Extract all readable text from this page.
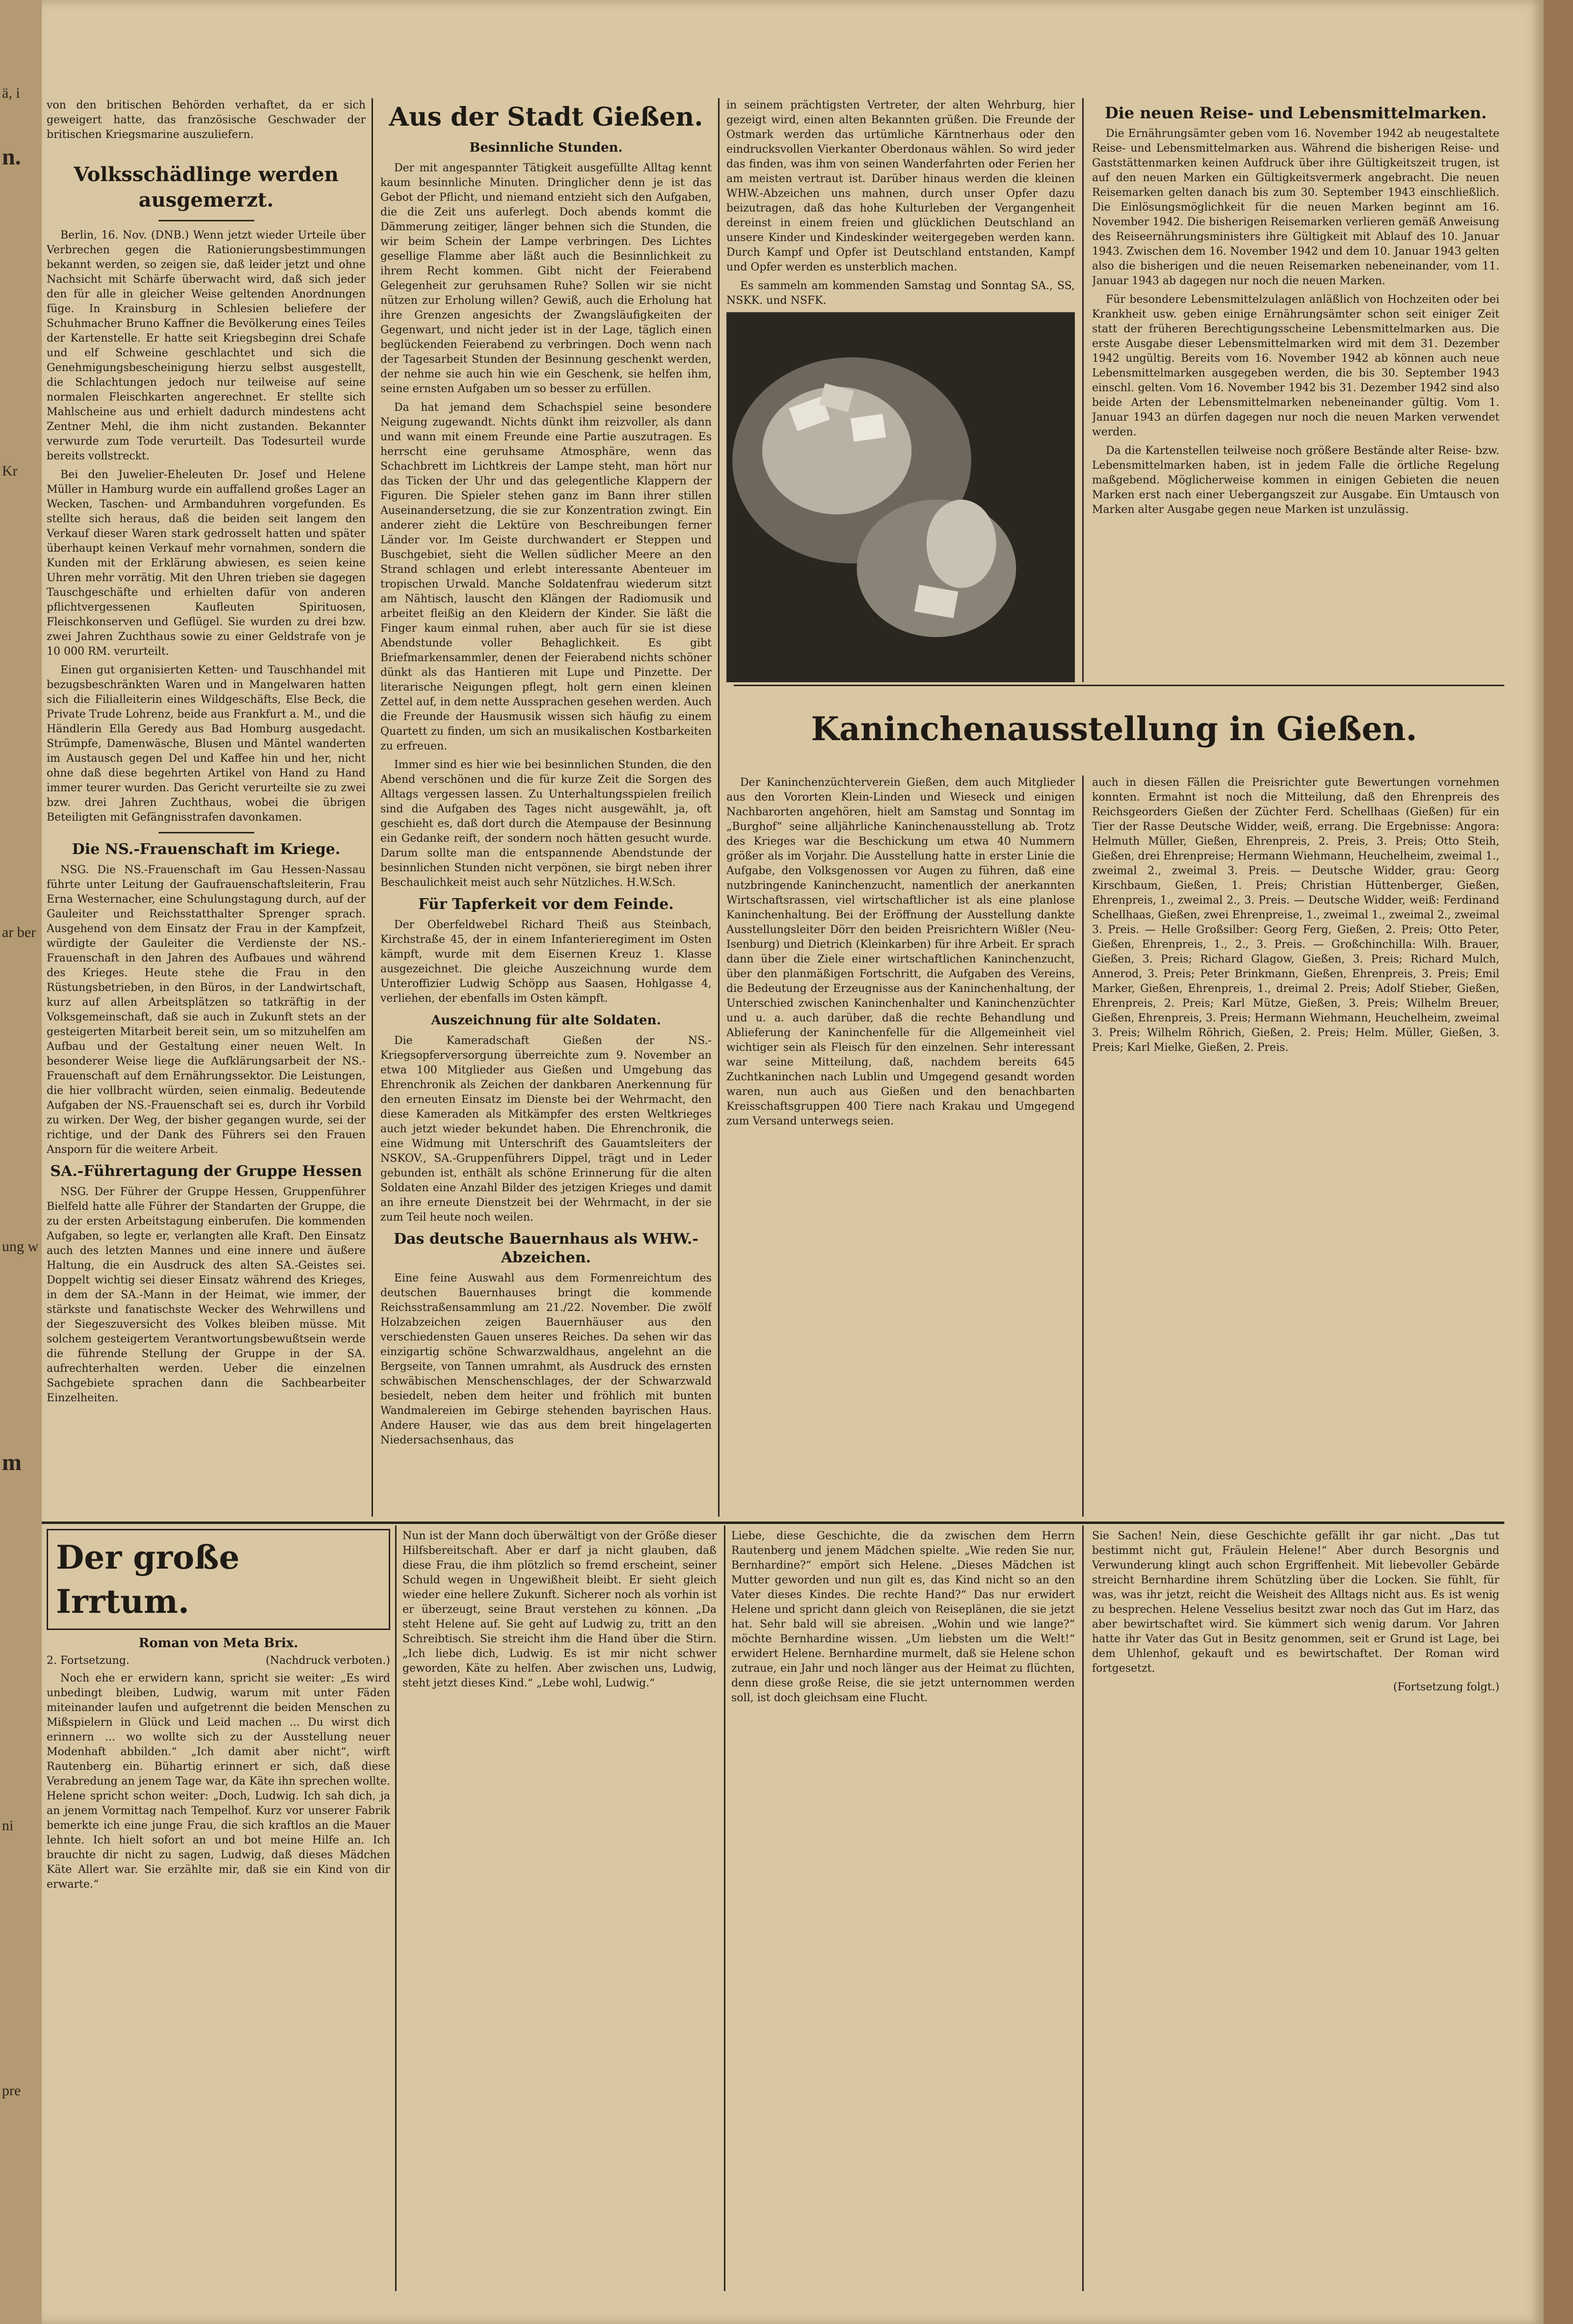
ä, i
n.
Kr
ar ber
ung w
m
ni
pre

von den britischen Behörden verhaftet, da er sich geweigert hatte, das französische Geschwader der britischen Kriegsmarine auszuliefern.

Volksschädlinge werden ausgemerzt.

Berlin, 16. Nov. (DNB.) Wenn jetzt wieder Urteile über Verbrechen gegen die Rationierungsbestimmungen bekannt werden, so zeigen sie, daß leider jetzt und ohne Nachsicht mit Schärfe überwacht wird, daß sich jeder den für alle in gleicher Weise geltenden Anordnungen füge. In Krainsburg in Schlesien beliefere der Schuhmacher Bruno Kaffner die Bevölkerung eines Teiles der Kartenstelle. Er hatte seit Kriegsbeginn drei Schafe und elf Schweine geschlachtet und sich die Genehmigungsbescheinigung hierzu selbst ausgestellt, die Schlachtungen jedoch nur teilweise auf seine normalen Fleischkarten angerechnet. Er stellte sich Mahlscheine aus und erhielt dadurch mindestens acht Zentner Mehl, die ihm nicht zustanden. Bekannter verwurde zum Tode verurteilt. Das Todesurteil wurde bereits vollstreckt.

Bei den Juwelier-Eheleuten Dr. Josef und Helene Müller in Hamburg wurde ein auffallend großes Lager an Wecken, Taschen- und Armbanduhren vorgefunden. Es stellte sich heraus, daß die beiden seit langem den Verkauf dieser Waren stark gedrosselt hatten und später überhaupt keinen Verkauf mehr vornahmen, sondern die Kunden mit der Erklärung abwiesen, es seien keine Uhren mehr vorrätig. Mit den Uhren trieben sie dagegen Tauschgeschäfte und erhielten dafür von anderen pflichtvergessenen Kaufleuten Spirituosen, Fleischkonserven und Geflügel. Sie wurden zu drei bzw. zwei Jahren Zuchthaus sowie zu einer Geldstrafe von je 10 000 RM. verurteilt.

Einen gut organisierten Ketten- und Tauschhandel mit bezugsbeschränkten Waren und in Mangelwaren hatten sich die Filialleiterin eines Wildgeschäfts, Else Beck, die Private Trude Lohrenz, beide aus Frankfurt a. M., und die Händlerin Ella Geredy aus Bad Homburg ausgedacht. Strümpfe, Damenwäsche, Blusen und Mäntel wanderten im Austausch gegen Del und Kaffee hin und her, nicht ohne daß diese begehrten Artikel von Hand zu Hand immer teurer wurden. Das Gericht verurteilte sie zu zwei bzw. drei Jahren Zuchthaus, wobei die übrigen Beteiligten mit Gefängnisstrafen davonkamen.

Die NS.-Frauenschaft im Kriege.

NSG. Die NS.-Frauenschaft im Gau Hessen-Nassau führte unter Leitung der Gaufrauenschaftsleiterin, Frau Erna Westernacher, eine Schulungstagung durch, auf der Gauleiter und Reichsstatthalter Sprenger sprach. Ausgehend von dem Einsatz der Frau in der Kampfzeit, würdigte der Gauleiter die Verdienste der NS.-Frauenschaft in den Jahren des Aufbaues und während des Krieges. Heute stehe die Frau in den Rüstungsbetrieben, in den Büros, in der Landwirtschaft, kurz auf allen Arbeitsplätzen so tatkräftig in der Volksgemeinschaft, daß sie auch in Zukunft stets an der gesteigerten Mitarbeit bereit sein, um so mitzuhelfen am Aufbau und der Gestaltung einer neuen Welt. In besonderer Weise liege die Aufklärungsarbeit der NS.-Frauenschaft auf dem Ernährungssektor. Die Leistungen, die hier vollbracht würden, seien einmalig. Bedeutende Aufgaben der NS.-Frauenschaft sei es, durch ihr Vorbild zu wirken. Der Weg, der bisher gegangen wurde, sei der richtige, und der Dank des Führers sei den Frauen Ansporn für die weitere Arbeit.

SA.-Führertagung der Gruppe Hessen

NSG. Der Führer der Gruppe Hessen, Gruppenführer Bielfeld hatte alle Führer der Standarten der Gruppe, die zu der ersten Arbeitstagung einberufen. Die kommenden Aufgaben, so legte er, verlangten alle Kraft. Den Einsatz auch des letzten Mannes und eine innere und äußere Haltung, die ein Ausdruck des alten SA.-Geistes sei. Doppelt wichtig sei dieser Einsatz während des Krieges, in dem der SA.-Mann in der Heimat, wie immer, der stärkste und fanatischste Wecker des Wehrwillens und der Siegeszuversicht des Volkes bleiben müsse. Mit solchem gesteigertem Verantwortungsbewußtsein werde die führende Stellung der Gruppe in der SA. aufrechterhalten werden. Ueber die einzelnen Sachgebiete sprachen dann die Sachbearbeiter Einzelheiten.

Aus der Stadt Gießen.
Besinnliche Stunden.

Der mit angespannter Tätigkeit ausgefüllte Alltag kennt kaum besinnliche Minuten. Dringlicher denn je ist das Gebot der Pflicht, und niemand entzieht sich den Aufgaben, die die Zeit uns auferlegt. Doch abends kommt die Dämmerung zeitiger, länger behnen sich die Stunden, die wir beim Schein der Lampe verbringen. Des Lichtes gesellige Flamme aber läßt auch die Besinnlichkeit zu ihrem Recht kommen. Gibt nicht der Feierabend Gelegenheit zur geruhsamen Ruhe? Sollen wir sie nicht nützen zur Erholung willen? Gewiß, auch die Erholung hat ihre Grenzen angesichts der Zwangsläufigkeiten der Gegenwart, und nicht jeder ist in der Lage, täglich einen beglückenden Feierabend zu verbringen. Doch wenn nach der Tagesarbeit Stunden der Besinnung geschenkt werden, der nehme sie auch hin wie ein Geschenk, sie helfen ihm, seine ernsten Aufgaben um so besser zu erfüllen.

Da hat jemand dem Schachspiel seine besondere Neigung zugewandt. Nichts dünkt ihm reizvoller, als dann und wann mit einem Freunde eine Partie auszutragen. Es herrscht eine geruhsame Atmosphäre, wenn das Schachbrett im Lichtkreis der Lampe steht, man hört nur das Ticken der Uhr und das gelegentliche Klappern der Figuren. Die Spieler stehen ganz im Bann ihrer stillen Auseinandersetzung, die sie zur Konzentration zwingt. Ein anderer zieht die Lektüre von Beschreibungen ferner Länder vor. Im Geiste durchwandert er Steppen und Buschgebiet, sieht die Wellen südlicher Meere an den Strand schlagen und erlebt interessante Abenteuer im tropischen Urwald. Manche Soldatenfrau wiederum sitzt am Nähtisch, lauscht den Klängen der Radiomusik und arbeitet fleißig an den Kleidern der Kinder. Sie läßt die Finger kaum einmal ruhen, aber auch für sie ist diese Abendstunde voller Behaglichkeit. Es gibt Briefmarkensammler, denen der Feierabend nichts schöner dünkt als das Hantieren mit Lupe und Pinzette. Der literarische Neigungen pflegt, holt gern einen kleinen Zettel auf, in dem nette Aussprachen gesehen werden. Auch die Freunde der Hausmusik wissen sich häufig zu einem Quartett zu finden, um sich an musikalischen Kostbarkeiten zu erfreuen.

Immer sind es hier wie bei besinnlichen Stunden, die den Abend verschönen und die für kurze Zeit die Sorgen des Alltags vergessen lassen. Zu Unterhaltungsspielen freilich sind die Aufgaben des Tages nicht ausgewählt, ja, oft geschieht es, daß dort durch die Atempause der Besinnung ein Gedanke reift, der sondern noch hätten gesucht wurde. Darum sollte man die entspannende Abendstunde der besinnlichen Stunden nicht verpönen, sie birgt neben ihrer Beschaulichkeit meist auch sehr Nützliches. H.W.Sch.

Für Tapferkeit vor dem Feinde.

Der Oberfeldwebel Richard Theiß aus Steinbach, Kirchstraße 45, der in einem Infanterieregiment im Osten kämpft, wurde mit dem Eisernen Kreuz 1. Klasse ausgezeichnet. Die gleiche Auszeichnung wurde dem Unteroffizier Ludwig Schöpp aus Saasen, Hohlgasse 4, verliehen, der ebenfalls im Osten kämpft.

Auszeichnung für alte Soldaten.

Die Kameradschaft Gießen der NS.-Kriegsopferversorgung überreichte zum 9. November an etwa 100 Mitglieder aus Gießen und Umgebung das Ehrenchronik als Zeichen der dankbaren Anerkennung für den erneuten Einsatz im Dienste bei der Wehrmacht, den diese Kameraden als Mitkämpfer des ersten Weltkrieges auch jetzt wieder bekundet haben. Die Ehrenchronik, die eine Widmung mit Unterschrift des Gauamtsleiters der NSKOV., SA.-Gruppenführers Dippel, trägt und in Leder gebunden ist, enthält als schöne Erinnerung für die alten Soldaten eine Anzahl Bilder des jetzigen Krieges und damit an ihre erneute Dienstzeit bei der Wehrmacht, in der sie zum Teil heute noch weilen.

Das deutsche Bauernhaus als WHW.-Abzeichen.

Eine feine Auswahl aus dem Formenreichtum des deutschen Bauernhauses bringt die kommende Reichsstraßensammlung am 21./22. November. Die zwölf Holzabzeichen zeigen Bauernhäuser aus den verschiedensten Gauen unseres Reiches. Da sehen wir das einzigartig schöne Schwarzwaldhaus, angelehnt an die Bergseite, von Tannen umrahmt, als Ausdruck des ernsten schwäbischen Menschenschlages, der der Schwarzwald besiedelt, neben dem heiter und fröhlich mit bunten Wandmalereien im Gebirge stehenden bayrischen Haus. Andere Hauser, wie das aus dem breit hingelagerten Niedersachsenhaus, das

in seinem prächtigsten Vertreter, der alten Wehrburg, hier gezeigt wird, einen alten Bekannten grüßen. Die Freunde der Ostmark werden das urtümliche Kärntnerhaus oder den eindrucksvollen Vierkanter Oberdonaus wählen. So wird jeder das finden, was ihm von seinen Wanderfahrten oder Ferien her am meisten vertraut ist. Darüber hinaus werden die kleinen WHW.-Abzeichen uns mahnen, durch unser Opfer dazu beizutragen, daß das hohe Kulturleben der Vergangenheit dereinst in einem freien und glücklichen Deutschland an unsere Kinder und Kindeskinder weitergegeben werden kann. Durch Kampf und Opfer ist Deutschland entstanden, Kampf und Opfer werden es unsterblich machen.

Es sammeln am kommenden Samstag und Sonntag SA., SS, NSKK. und NSFK.

Die neuen Reise- und Lebensmittelmarken.

Die Ernährungsämter geben vom 16. November 1942 ab neugestaltete Reise- und Lebensmittelmarken aus. Während die bisherigen Reise- und Gaststättenmarken keinen Aufdruck über ihre Gültigkeitszeit trugen, ist auf den neuen Marken ein Gültigkeitsvermerk angebracht. Die neuen Reisemarken gelten danach bis zum 30. September 1943 einschließlich. Die Einlösungsmöglichkeit für die neuen Marken beginnt am 16. November 1942. Die bisherigen Reisemarken verlieren gemäß Anweisung des Reiseernährungsministers ihre Gültigkeit mit Ablauf des 10. Januar 1943. Zwischen dem 16. November 1942 und dem 10. Januar 1943 gelten also die bisherigen und die neuen Reisemarken nebeneinander, vom 11. Januar 1943 ab dagegen nur noch die neuen Marken.

Für besondere Lebensmittelzulagen anläßlich von Hochzeiten oder bei Krankheit usw. geben einige Ernährungsämter schon seit einiger Zeit statt der früheren Berechtigungsscheine Lebensmittelmarken aus. Die erste Ausgabe dieser Lebensmittelmarken wird mit dem 31. Dezember 1942 ungültig. Bereits vom 16. November 1942 ab können auch neue Lebensmittelmarken ausgegeben werden, die bis 30. September 1943 einschl. gelten. Vom 16. November 1942 bis 31. Dezember 1942 sind also beide Arten der Lebensmittelmarken nebeneinander gültig. Vom 1. Januar 1943 an dürfen dagegen nur noch die neuen Marken verwendet werden.

Da die Kartenstellen teilweise noch größere Bestände alter Reise- bzw. Lebensmittelmarken haben, ist in jedem Falle die örtliche Regelung maßgebend. Möglicherweise kommen in einigen Gebieten die neuen Marken erst nach einer Uebergangszeit zur Ausgabe. Ein Umtausch von Marken alter Ausgabe gegen neue Marken ist unzulässig.

Kaninchenausstellung in Gießen.

Der Kaninchenzüchterverein Gießen, dem auch Mitglieder aus den Vororten Klein-Linden und Wieseck und einigen Nachbarorten angehören, hielt am Samstag und Sonntag im „Burghof“ seine alljährliche Kaninchenausstellung ab. Trotz des Krieges war die Beschickung um etwa 40 Nummern größer als im Vorjahr. Die Ausstellung hatte in erster Linie die Aufgabe, den Volksgenossen vor Augen zu führen, daß eine nutzbringende Kaninchenzucht, namentlich der anerkannten Wirtschaftsrassen, viel wirtschaftlicher ist als eine planlose Kaninchenhaltung. Bei der Eröffnung der Ausstellung dankte Ausstellungsleiter Dörr den beiden Preisrichtern Wißler (Neu-Isenburg) und Dietrich (Kleinkarben) für ihre Arbeit. Er sprach dann über die Ziele einer wirtschaftlichen Kaninchenzucht, über den planmäßigen Fortschritt, die Aufgaben des Vereins, die Bedeutung der Erzeugnisse aus der Kaninchenhaltung, der Unterschied zwischen Kaninchenhalter und Kaninchenzüchter und u. a. auch darüber, daß die rechte Behandlung und Ablieferung der Kaninchenfelle für die Allgemeinheit viel wichtiger sein als Fleisch für den einzelnen. Sehr interessant war seine Mitteilung, daß, nachdem bereits 645 Zuchtkaninchen nach Lublin und Umgegend gesandt worden waren, nun auch aus Gießen und den benachbarten Kreisschaftsgruppen 400 Tiere nach Krakau und Umgegend zum Versand unterwegs seien.

auch in diesen Fällen die Preisrichter gute Bewertungen vornehmen konnten. Ermahnt ist noch die Mitteilung, daß den Ehrenpreis des Reichsgeorders Gießen der Züchter Ferd. Schellhaas (Gießen) für ein Tier der Rasse Deutsche Widder, weiß, errang. Die Ergebnisse: Angora: Helmuth Müller, Gießen, Ehrenpreis, 2. Preis, 3. Preis; Otto Steih, Gießen, drei Ehrenpreise; Hermann Wiehmann, Heuchelheim, zweimal 1., zweimal 2., zweimal 3. Preis. — Deutsche Widder, grau: Georg Kirschbaum, Gießen, 1. Preis; Christian Hüttenberger, Gießen, Ehrenpreis, 1., zweimal 2., 3. Preis. — Deutsche Widder, weiß: Ferdinand Schellhaas, Gießen, zwei Ehrenpreise, 1., zweimal 1., zweimal 2., zweimal 3. Preis. — Helle Großsilber: Georg Ferg, Gießen, 2. Preis; Otto Peter, Gießen, Ehrenpreis, 1., 2., 3. Preis. — Großchinchilla: Wilh. Brauer, Gießen, 3. Preis; Richard Glagow, Gießen, 3. Preis; Richard Mulch, Annerod, 3. Preis; Peter Brinkmann, Gießen, Ehrenpreis, 3. Preis; Emil Marker, Gießen, Ehrenpreis, 1., dreimal 2. Preis; Adolf Stieber, Gießen, Ehrenpreis, 2. Preis; Karl Mütze, Gießen, 3. Preis; Wilhelm Breuer, Gießen, Ehrenpreis, 3. Preis; Hermann Wiehmann, Heuchelheim, zweimal 3. Preis; Wilhelm Röhrich, Gießen, 2. Preis; Helm. Müller, Gießen, 3. Preis; Karl Mielke, Gießen, 2. Preis.

Der große Irrtum.
Roman von Meta Brix.
2. Fortsetzung.	(Nachdruck verboten.)

Noch ehe er erwidern kann, spricht sie weiter: „Es wird unbedingt bleiben, Ludwig, warum mit unter Fäden miteinander laufen und aufgetrennt die beiden Menschen zu Mißspielern in Glück und Leid machen ... Du wirst dich erinnern ... wo wollte sich zu der Ausstellung neuer Modenhaft abbilden.“ „Ich damit aber nicht“, wirft Rautenberg ein. Bühartig erinnert er sich, daß diese Verabredung an jenem Tage war, da Käte ihn sprechen wollte. Helene spricht schon weiter: „Doch, Ludwig. Ich sah dich, ja an jenem Vormittag nach Tempelhof. Kurz vor unserer Fabrik bemerkte ich eine junge Frau, die sich kraftlos an die Mauer lehnte. Ich hielt sofort an und bot meine Hilfe an. Ich brauchte dir nicht zu sagen, Ludwig, daß dieses Mädchen Käte Allert war. Sie erzählte mir, daß sie ein Kind von dir erwarte.“

Nun ist der Mann doch überwältigt von der Größe dieser Hilfsbereitschaft. Aber er darf ja nicht glauben, daß diese Frau, die ihm plötzlich so fremd erscheint, seiner Schuld wegen in Ungewißheit bleibt. Er sieht gleich wieder eine hellere Zukunft. Sicherer noch als vorhin ist er überzeugt, seine Braut verstehen zu können. „Da steht Helene auf. Sie geht auf Ludwig zu, tritt an den Schreibtisch. Sie streicht ihm die Hand über die Stirn. „Ich liebe dich, Ludwig. Es ist mir nicht schwer geworden, Käte zu helfen. Aber zwischen uns, Ludwig, steht jetzt dieses Kind.“ „Lebe wohl, Ludwig.“

Liebe, diese Geschichte, die da zwischen dem Herrn Rautenberg und jenem Mädchen spielte. „Wie reden Sie nur, Bernhardine?“ empört sich Helene. „Dieses Mädchen ist Mutter geworden und nun gilt es, das Kind nicht so an den Vater dieses Kindes. Die rechte Hand?“ Das nur erwidert Helene und spricht dann gleich von Reiseplänen, die sie jetzt hat. Sehr bald will sie abreisen. „Wohin und wie lange?“ möchte Bernhardine wissen. „Um liebsten um die Welt!“ erwidert Helene. Bernhardine murmelt, daß sie Helene schon zutraue, ein Jahr und noch länger aus der Heimat zu flüchten, denn diese große Reise, die sie jetzt unternommen werden soll, ist doch gleichsam eine Flucht.

Sie Sachen! Nein, diese Geschichte gefällt ihr gar nicht. „Das tut bestimmt nicht gut, Fräulein Helene!“ Aber durch Besorgnis und Verwunderung klingt auch schon Ergriffenheit. Mit liebevoller Gebärde streicht Bernhardine ihrem Schützling über die Locken. Sie fühlt, für was, was ihr jetzt, reicht die Weisheit des Alltags nicht aus. Es ist wenig zu besprechen. Helene Vesselius besitzt zwar noch das Gut im Harz, das aber bewirtschaftet wird. Sie kümmert sich wenig darum. Vor Jahren hatte ihr Vater das Gut in Besitz genommen, seit er Grund ist Lage, bei dem Uhlenhof, gekauft und es bewirtschaftet. Der Roman wird fortgesetzt.

(Fortsetzung folgt.)
